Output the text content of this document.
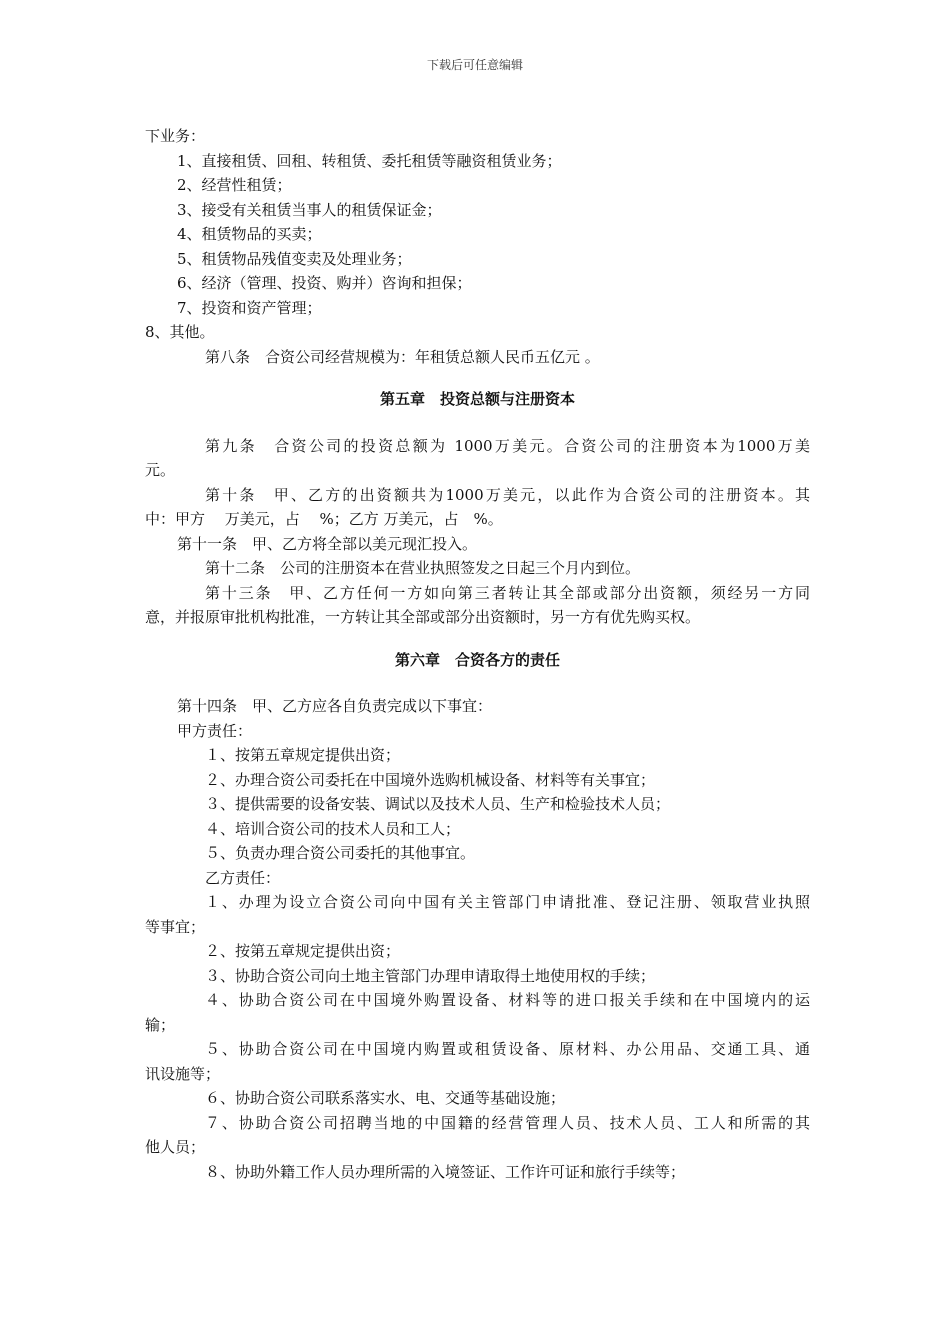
下载后可任意编辑
下业务：
1、直接租赁、回租、转租赁、委托租赁等融资租赁业务；
2、经营性租赁；
3、接受有关租赁当事人的租赁保证金；
4、租赁物品的买卖；
5、租赁物品残值变卖及处理业务；
6、经济（管理、投资、购并）咨询和担保；
7、投资和资产管理；
8、其他。
第八条　合资公司经营规模为：年租赁总额人民币五亿元 。
第五章　投资总额与注册资本
第九条　合资公司的投资总额为 1000万美元。合资公司的注册资本为1000万美
元。
第十条　甲、乙方的出资额共为1000万美元，以此作为合资公司的注册资本。其
中：甲方　 万美元，占　 %；乙方 万美元，占　%。
第十一条　甲、乙方将全部以美元现汇投入。
第十二条　公司的注册资本在营业执照签发之日起三个月内到位。
第十三条　甲、乙方任何一方如向第三者转让其全部或部分出资额，须经另一方同
意，并报原审批机构批准，一方转让其全部或部分出资额时，另一方有优先购买权。
第六章　合资各方的责任
第十四条　甲、乙方应各自负责完成以下事宜：
甲方责任：
１、按第五章规定提供出资；
２、办理合资公司委托在中国境外选购机械设备、材料等有关事宜；
３、提供需要的设备安装、调试以及技术人员、生产和检验技术人员；
４、培训合资公司的技术人员和工人；
５、负责办理合资公司委托的其他事宜。
乙方责任：
１、办理为设立合资公司向中国有关主管部门申请批准、登记注册、领取营业执照
等事宜；
２、按第五章规定提供出资；
３、协助合资公司向土地主管部门办理申请取得土地使用权的手续；
４、协助合资公司在中国境外购置设备、材料等的进口报关手续和在中国境内的运
输；
５、协助合资公司在中国境内购置或租赁设备、原材料、办公用品、交通工具、通
讯设施等；
６、协助合资公司联系落实水、电、交通等基础设施；
７、协助合资公司招聘当地的中国籍的经营管理人员、技术人员、工人和所需的其
他人员；
８、协助外籍工作人员办理所需的入境签证、工作许可证和旅行手续等；
